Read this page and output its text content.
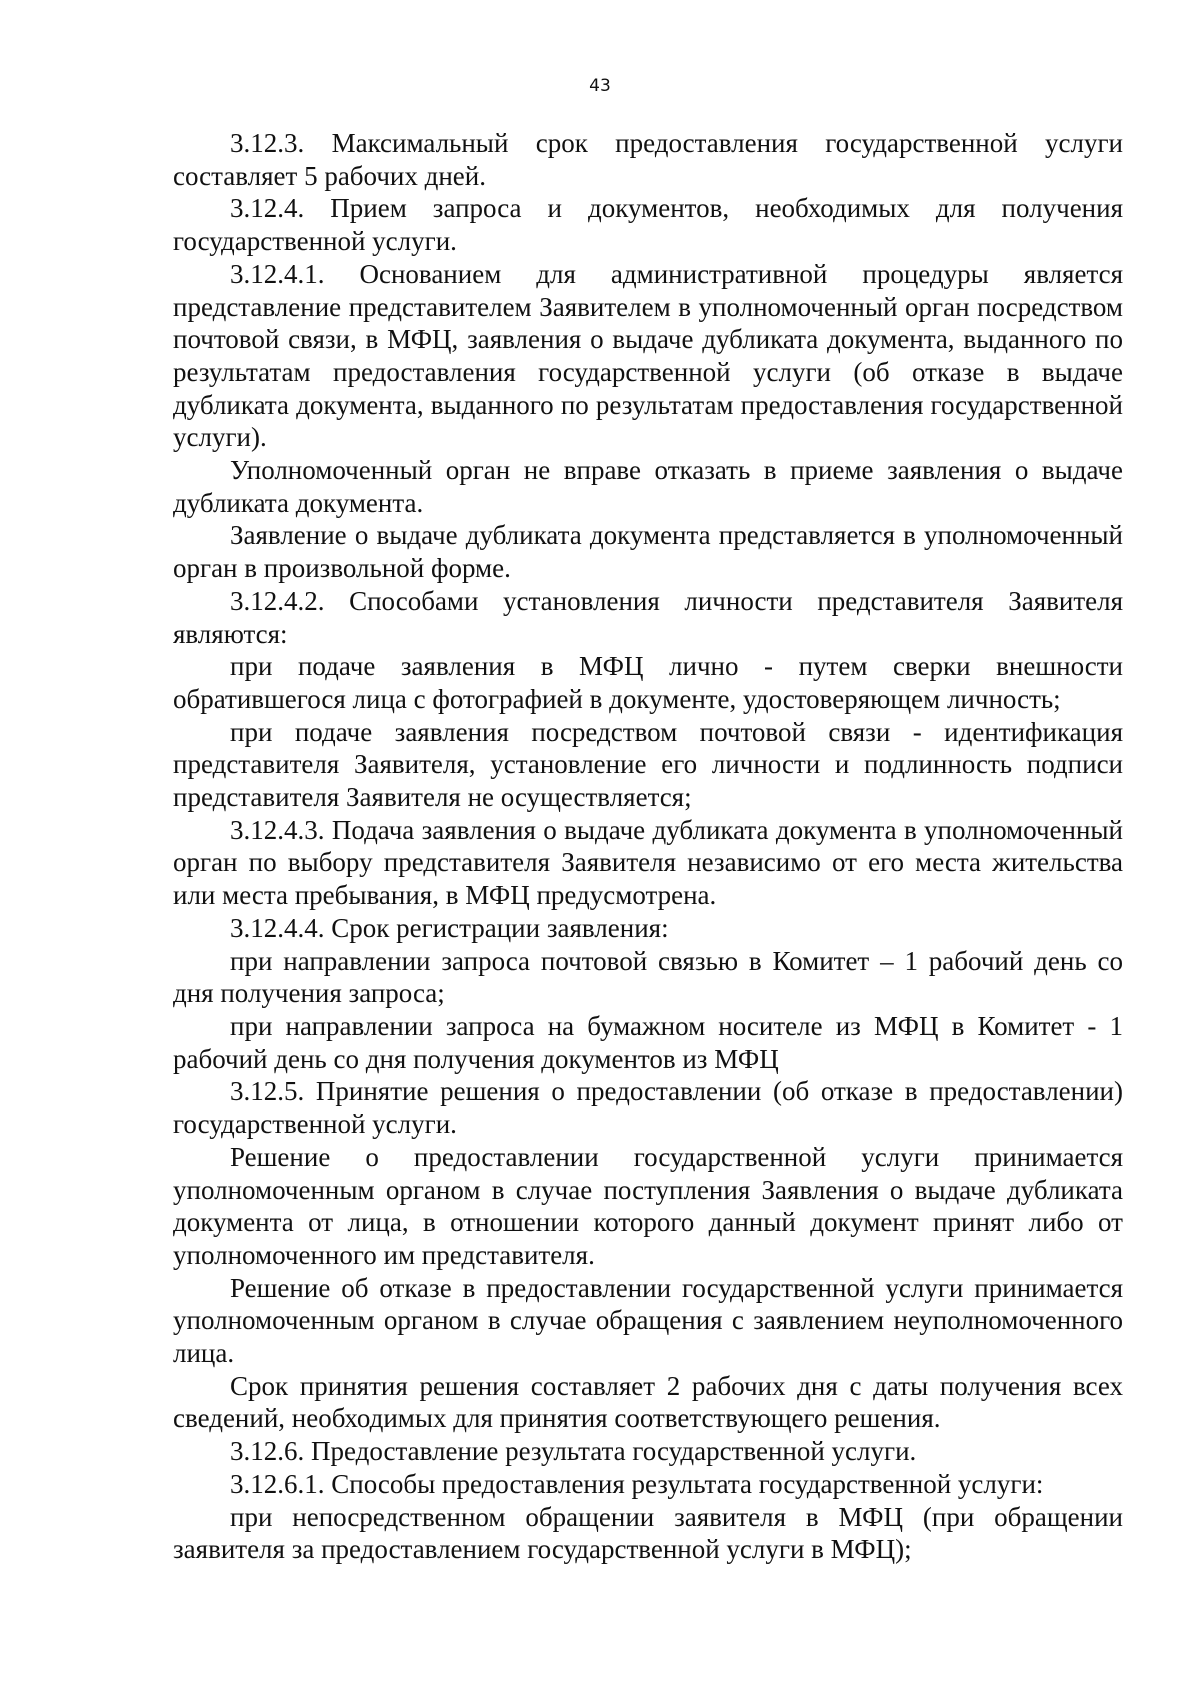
43

3.12.3. Максимальный срок предоставления государственной услуги составляет 5 рабочих дней.

3.12.4. Прием запроса и документов, необходимых для получения государственной услуги.

3.12.4.1. Основанием для административной процедуры является представление представителем Заявителем в уполномоченный орган посредством почтовой связи, в МФЦ, заявления о выдаче дубликата документа, выданного по результатам предоставления государственной услуги (об отказе в выдаче дубликата документа, выданного по результатам предоставления государственной услуги).

Уполномоченный орган не вправе отказать в приеме заявления о выдаче дубликата документа.

Заявление о выдаче дубликата документа представляется в уполномоченный орган в произвольной форме.

3.12.4.2. Способами установления личности представителя Заявителя являются:

при подаче заявления в МФЦ лично - путем сверки внешности обратившегося лица с фотографией в документе, удостоверяющем личность;

при подаче заявления посредством почтовой связи - идентификация представителя Заявителя, установление его личности и подлинность подписи представителя Заявителя не осуществляется;

3.12.4.3. Подача заявления о выдаче дубликата документа в уполномоченный орган по выбору представителя Заявителя независимо от его места жительства или места пребывания, в МФЦ предусмотрена.

3.12.4.4. Срок регистрации заявления:

при направлении запроса почтовой связью в Комитет – 1 рабочий день со дня получения запроса;

при направлении запроса на бумажном носителе из МФЦ в Комитет - 1 рабочий день со дня получения документов из МФЦ

3.12.5. Принятие решения о предоставлении (об отказе в предоставлении) государственной услуги.

Решение о предоставлении государственной услуги принимается уполномоченным органом в случае поступления Заявления о выдаче дубликата документа от лица, в отношении которого данный документ принят либо от уполномоченного им представителя.

Решение об отказе в предоставлении государственной услуги принимается уполномоченным органом в случае обращения с заявлением неуполномоченного лица.

Срок принятия решения составляет 2 рабочих дня с даты получения всех сведений, необходимых для принятия соответствующего решения.

3.12.6. Предоставление результата государственной услуги.

3.12.6.1. Способы предоставления результата государственной услуги:

при непосредственном обращении заявителя в МФЦ (при обращении заявителя за предоставлением государственной услуги в МФЦ);
